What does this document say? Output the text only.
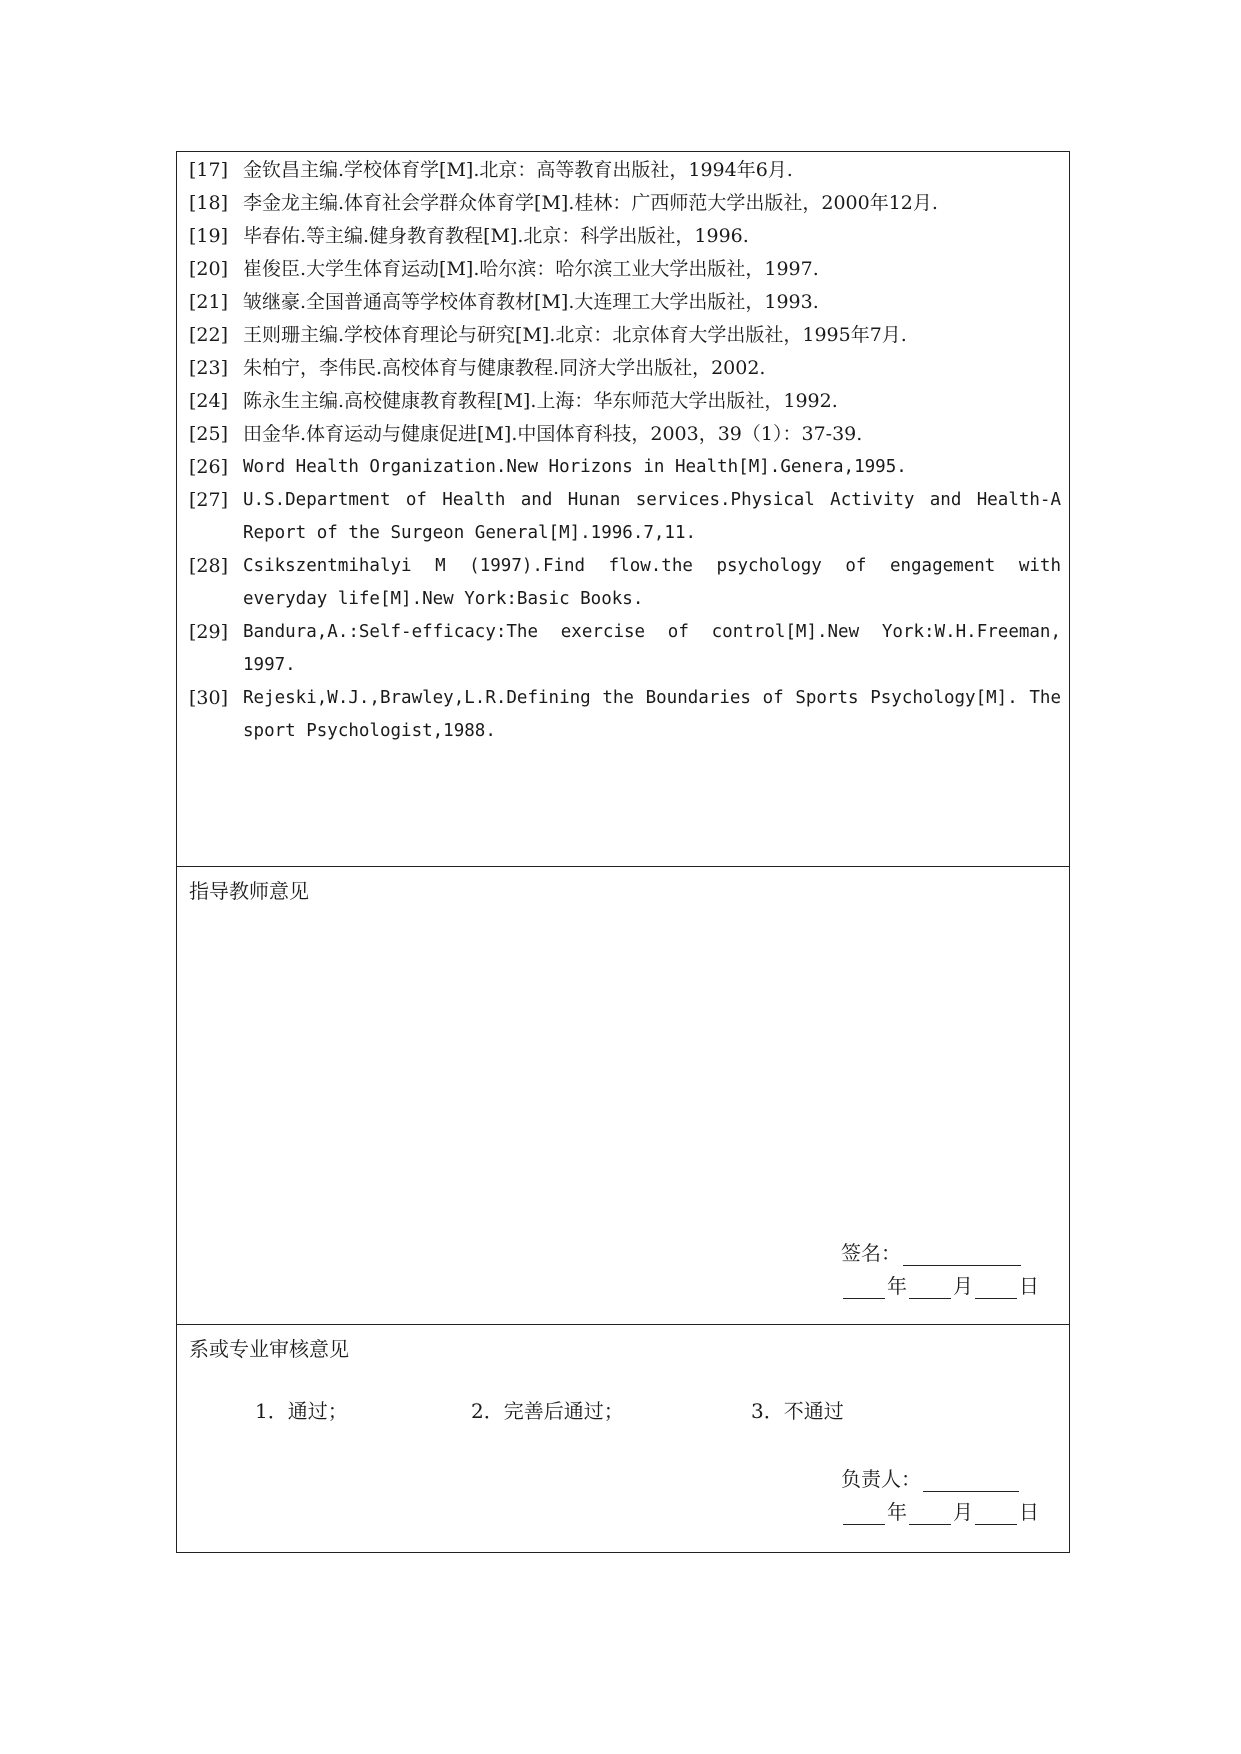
[17] 金钦昌主编.学校体育学[M].北京：高等教育出版社，1994年6月.
[18] 李金龙主编.体育社会学群众体育学[M].桂林：广西师范大学出版社，2000年12月.
[19] 毕春佑.等主编.健身教育教程[M].北京：科学出版社，1996.
[20] 崔俊臣.大学生体育运动[M].哈尔滨：哈尔滨工业大学出版社，1997.
[21] 皱继豪.全国普通高等学校体育教材[M].大连理工大学出版社，1993.
[22] 王则珊主编.学校体育理论与研究[M].北京：北京体育大学出版社，1995年7月.
[23] 朱柏宁，李伟民.高校体育与健康教程.同济大学出版社，2002.
[24] 陈永生主编.高校健康教育教程[M].上海：华东师范大学出版社，1992.
[25] 田金华.体育运动与健康促进[M].中国体育科技，2003，39（1）：37-39.
[26] Word Health Organization.New Horizons in Health[M].Genera,1995.
[27] U.S.Department of Health and Hunan services.Physical Activity and Health-A Report of the Surgeon General[M].1996.7,11.
[28] Csikszentmihalyi M (1997).Find flow.the psychology of engagement with everyday life[M].New York:Basic Books.
[29] Bandura,A.:Self-efficacy:The exercise of control[M].New York:W.H.Freeman, 1997.
[30] Rejeski,W.J.,Brawley,L.R.Defining the Boundaries of Sports Psychology[M]. The sport Psychologist,1988.
指导教师意见
签名：
年 月 日
系或专业审核意见
1．通过；	2．完善后通过；	3．不通过
负责人：
年 月 日
